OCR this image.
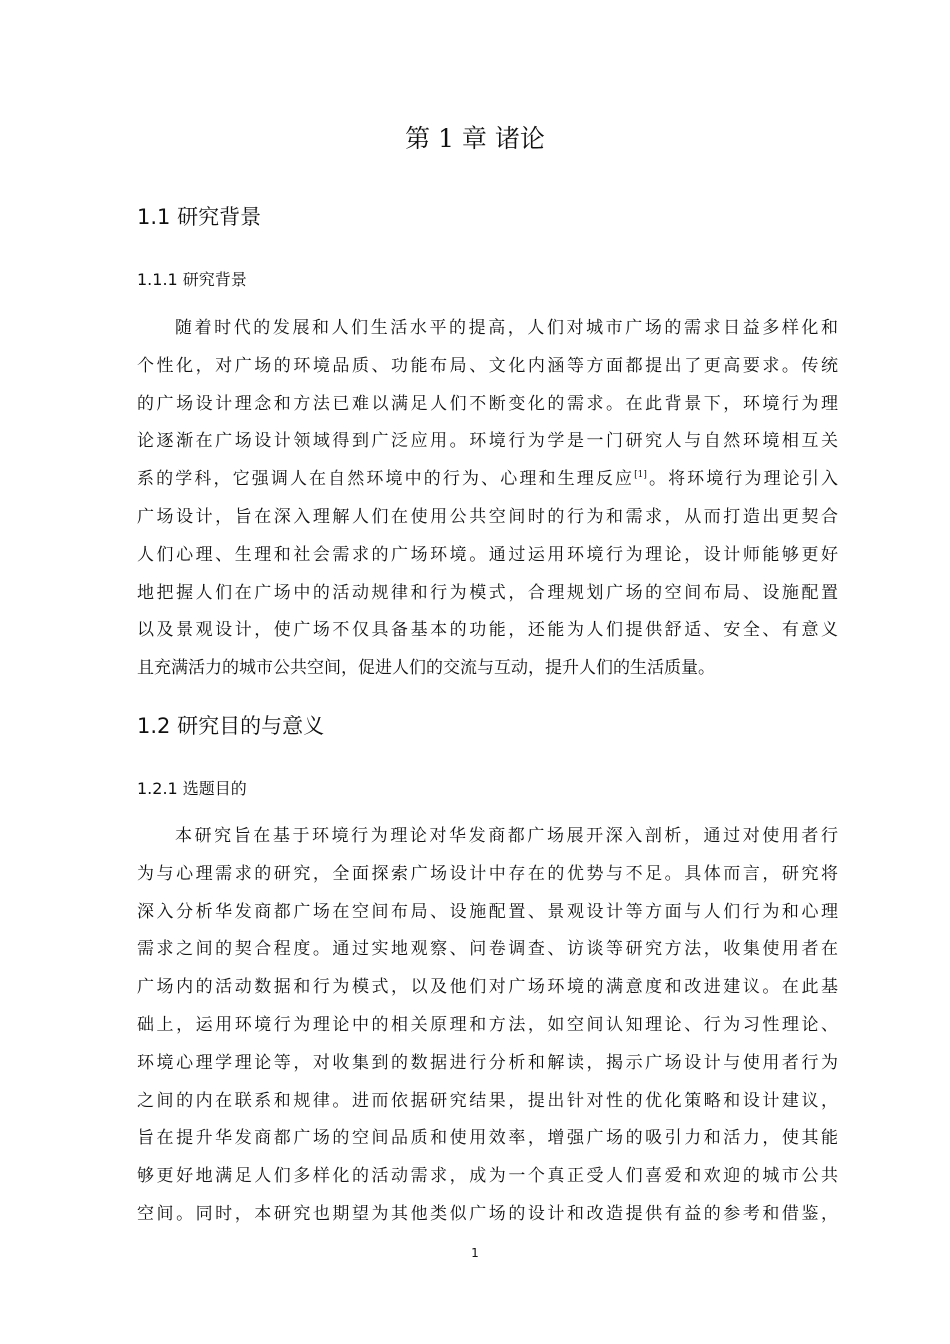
第 1 章 诸论
1.1 研究背景
1.1.1 研究背景
随着时代的发展和人们生活水平的提高，人们对城市广场的需求日益多样化和
个性化，对广场的环境品质、功能布局、文化内涵等方面都提出了更高要求。传统
的广场设计理念和方法已难以满足人们不断变化的需求。在此背景下，环境行为理
论逐渐在广场设计领域得到广泛应用。环境行为学是一门研究人与自然环境相互关
系的学科，它强调人在自然环境中的行为、心理和生理反应[1]。将环境行为理论引入
广场设计，旨在深入理解人们在使用公共空间时的行为和需求，从而打造出更契合
人们心理、生理和社会需求的广场环境。通过运用环境行为理论，设计师能够更好
地把握人们在广场中的活动规律和行为模式，合理规划广场的空间布局、设施配置
以及景观设计，使广场不仅具备基本的功能，还能为人们提供舒适、安全、有意义
且充满活力的城市公共空间，促进人们的交流与互动，提升人们的生活质量。
1.2 研究目的与意义
1.2.1 选题目的
本研究旨在基于环境行为理论对华发商都广场展开深入剖析，通过对使用者行
为与心理需求的研究，全面探索广场设计中存在的优势与不足。具体而言，研究将
深入分析华发商都广场在空间布局、设施配置、景观设计等方面与人们行为和心理
需求之间的契合程度。通过实地观察、问卷调查、访谈等研究方法，收集使用者在
广场内的活动数据和行为模式，以及他们对广场环境的满意度和改进建议。在此基
础上，运用环境行为理论中的相关原理和方法，如空间认知理论、行为习性理论、
环境心理学理论等，对收集到的数据进行分析和解读，揭示广场设计与使用者行为
之间的内在联系和规律。进而依据研究结果，提出针对性的优化策略和设计建议，
旨在提升华发商都广场的空间品质和使用效率，增强广场的吸引力和活力，使其能
够更好地满足人们多样化的活动需求，成为一个真正受人们喜爱和欢迎的城市公共
空间。同时，本研究也期望为其他类似广场的设计和改造提供有益的参考和借鉴，
1
